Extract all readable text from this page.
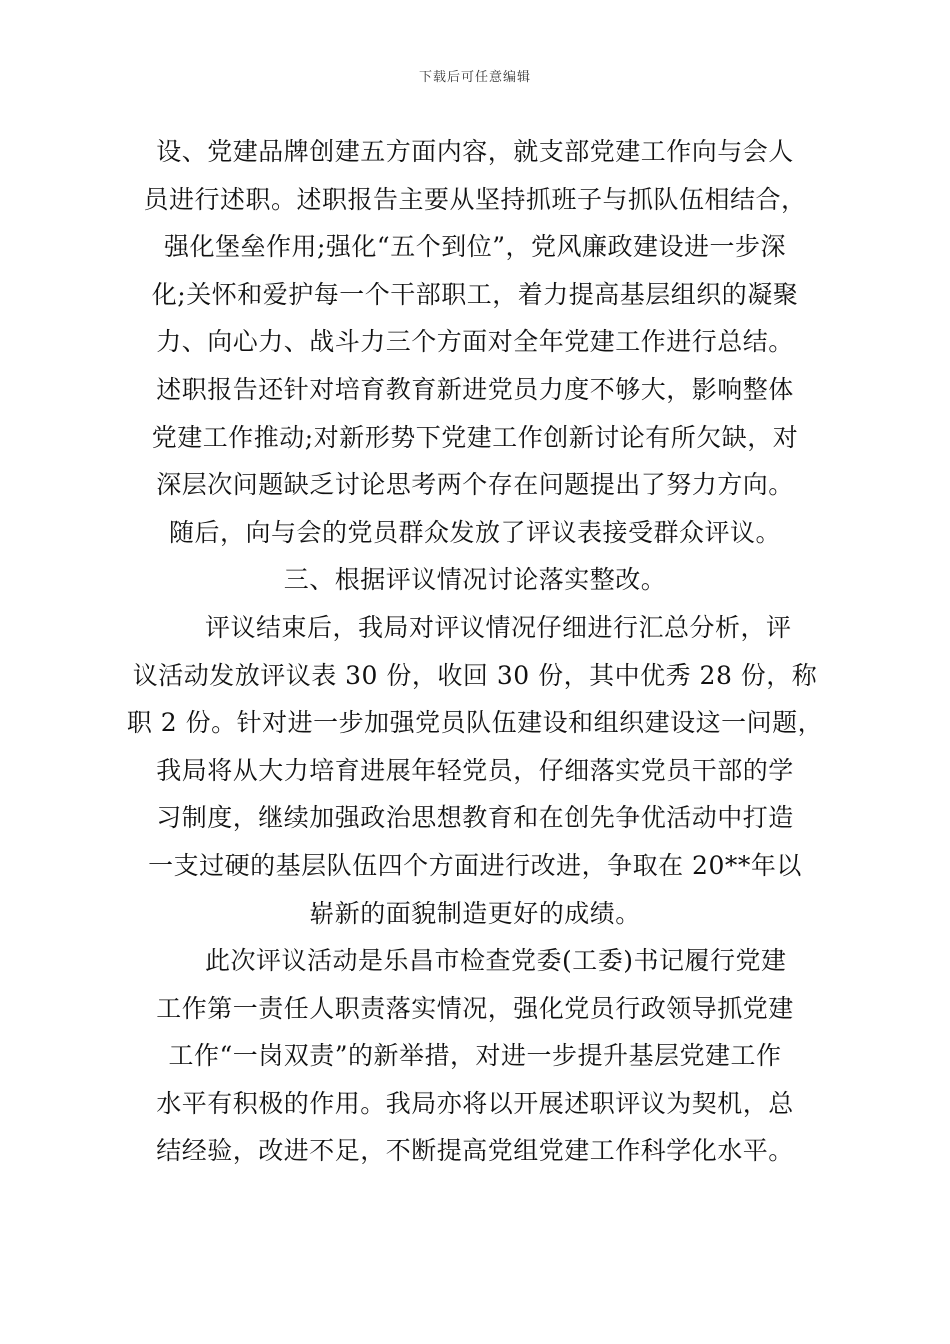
下载后可任意编辑
设、党建品牌创建五方面内容，就支部党建工作向与会人
员进行述职。述职报告主要从坚持抓班子与抓队伍相结合，
强化堡垒作用;强化“五个到位”，党风廉政建设进一步深
化;关怀和爱护每一个干部职工，着力提高基层组织的凝聚
力、向心力、战斗力三个方面对全年党建工作进行总结。
述职报告还针对培育教育新进党员力度不够大，影响整体
党建工作推动;对新形势下党建工作创新讨论有所欠缺，对
深层次问题缺乏讨论思考两个存在问题提出了努力方向。
随后，向与会的党员群众发放了评议表接受群众评议。
三、根据评议情况讨论落实整改。
评议结束后，我局对评议情况仔细进行汇总分析，评
议活动发放评议表 30 份，收回 30 份，其中优秀 28 份，称
职 2 份。针对进一步加强党员队伍建设和组织建设这一问题，
我局将从大力培育进展年轻党员，仔细落实党员干部的学
习制度，继续加强政治思想教育和在创先争优活动中打造
一支过硬的基层队伍四个方面进行改进，争取在 20**年以
崭新的面貌制造更好的成绩。
此次评议活动是乐昌市检查党委(工委)书记履行党建
工作第一责任人职责落实情况，强化党员行政领导抓党建
工作“一岗双责”的新举措，对进一步提升基层党建工作
水平有积极的作用。我局亦将以开展述职评议为契机，总
结经验，改进不足，不断提高党组党建工作科学化水平。
